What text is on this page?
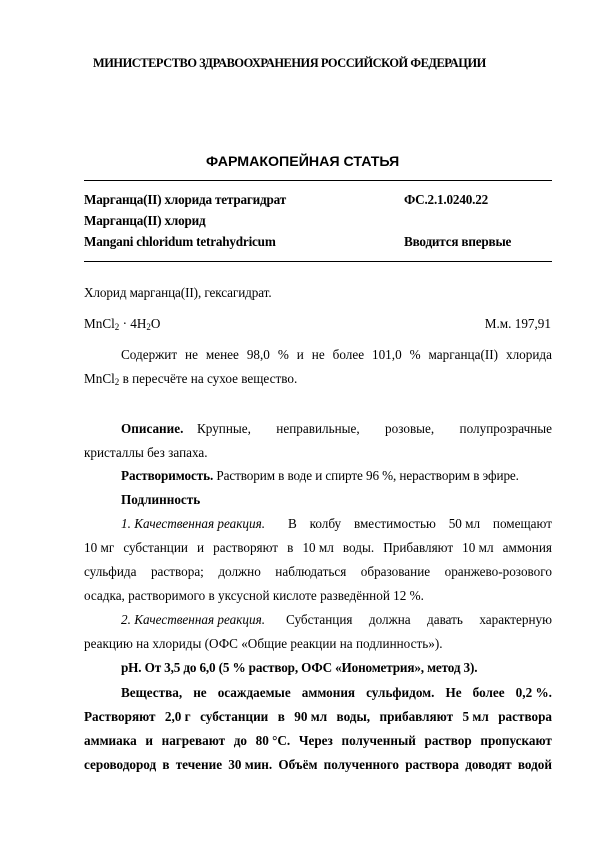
МИНИСТЕРСТВО ЗДРАВООХРАНЕНИЯ РОССИЙСКОЙ ФЕДЕРАЦИИ
ФАРМАКОПЕЙНАЯ СТАТЬЯ
Марганца(II) хлорида тетрагидрат	ФС.2.1.0240.22
Марганца(II) хлорид
Mangani chloridum tetrahydricum	Вводится впервые
Хлорид марганца(II), гексагидрат.
MnCl$_2$ · $4H_2O$	М.м. 197,91
Содержит не менее 98,0 % и не более 101,0 % марганца(II) хлорида
MnCl$_2$ в пересчёте на сухое вещество.
Описание. Крупные, неправильные, розовые, полупрозрачные
кристаллы без запаха.
Растворимость. Растворим в воде и спирте 96 %, нерастворим в эфире.
Подлинность
1. Качественная реакция. В колбу вместимостью 50 мл помещают
10 мг субстанции и растворяют в 10 мл воды. Прибавляют 10 мл аммония
сульфида раствора; должно наблюдаться образование оранжево-розового
осадка, растворимого в уксусной кислоте разведённой 12 %.
2. Качественная реакция. Субстанция должна давать характерную
реакцию на хлориды (ОФС «Общие реакции на подлинность»).
pH. От 3,5 до 6,0 (5 % раствор, ОФС «Ионометрия», метод 3).
Вещества, не осаждаемые аммония сульфидом. Не более 0,2 %.
Растворяют 2,0 г субстанции в 90 мл воды, прибавляют 5 мл раствора
аммиака и нагревают до 80 °С. Через полученный раствор пропускают
сероводород в течение 30 мин. Объём полученного раствора доводят водой
